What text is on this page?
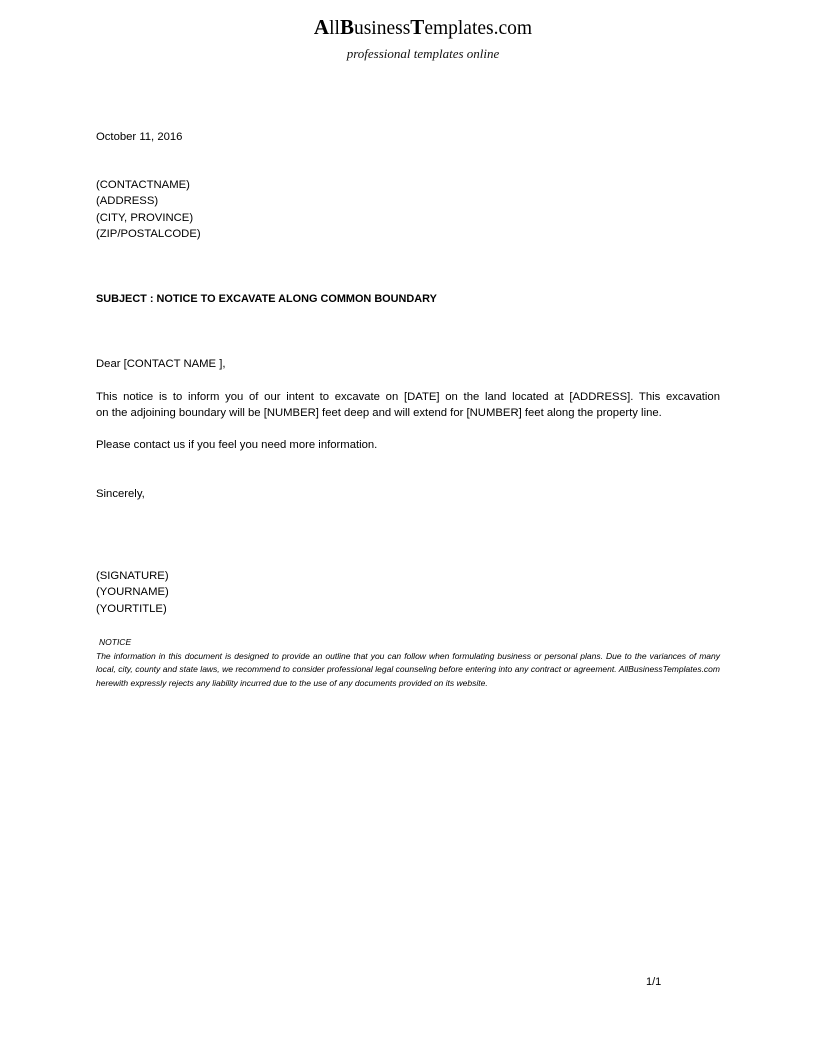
AllBusinessTemplates.com
professional templates online
October 11, 2016
(CONTACTNAME)
(ADDRESS)
(CITY, PROVINCE)
(ZIP/POSTALCODE)
SUBJECT : NOTICE TO EXCAVATE ALONG COMMON BOUNDARY
Dear [CONTACT NAME ],
This notice is to inform you of our intent to excavate on [DATE] on the land located at [ADDRESS]. This excavation
on the adjoining boundary will be [NUMBER] feet deep and will extend for [NUMBER] feet along the property line.
Please contact us if you feel you need more information.
Sincerely,
(SIGNATURE)
(YOURNAME)
(YOURTITLE)
NOTICE
The information in this document is designed to provide an outline that you can follow when formulating business or personal plans. Due to the variances of many local, city, county and state laws, we recommend to consider professional legal counseling before entering into any contract or agreement. AllBusinessTemplates.com herewith expressly rejects any liability incurred due to the use of any documents provided on its website.
1/1
